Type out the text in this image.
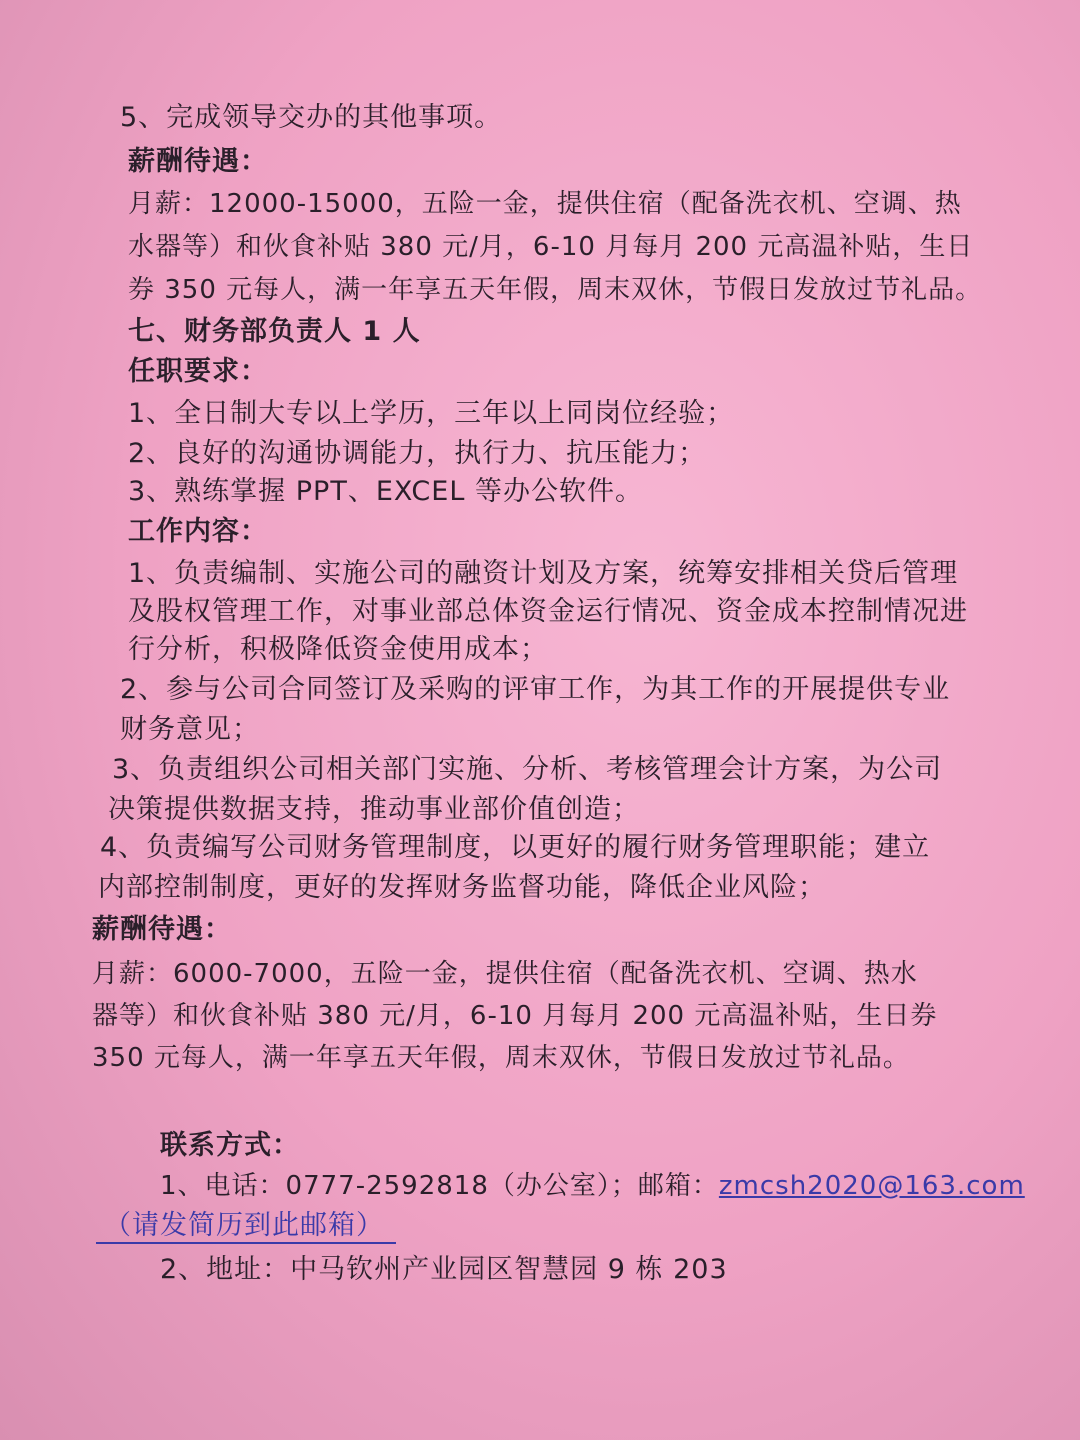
5、完成领导交办的其他事项。
薪酬待遇：
月薪：12000-15000，五险一金，提供住宿（配备洗衣机、空调、热
水器等）和伙食补贴 380 元/月，6-10 月每月 200 元高温补贴，生日
券 350 元每人，满一年享五天年假，周末双休，节假日发放过节礼品。
七、财务部负责人 1 人
任职要求：
1、全日制大专以上学历，三年以上同岗位经验；
2、良好的沟通协调能力，执行力、抗压能力；
3、熟练掌握 PPT、EXCEL 等办公软件。
工作内容：
1、负责编制、实施公司的融资计划及方案，统筹安排相关贷后管理
及股权管理工作，对事业部总体资金运行情况、资金成本控制情况进
行分析，积极降低资金使用成本；
2、参与公司合同签订及采购的评审工作，为其工作的开展提供专业
财务意见；
3、负责组织公司相关部门实施、分析、考核管理会计方案，为公司
决策提供数据支持，推动事业部价值创造；
4、负责编写公司财务管理制度，以更好的履行财务管理职能；建立
内部控制制度，更好的发挥财务监督功能，降低企业风险；
薪酬待遇：
月薪：6000-7000，五险一金，提供住宿（配备洗衣机、空调、热水
器等）和伙食补贴 380 元/月，6-10 月每月 200 元高温补贴，生日券
350 元每人，满一年享五天年假，周末双休，节假日发放过节礼品。
联系方式：
1、电话：0777-2592818（办公室）；邮箱：zmcsh2020@163.com
（请发简历到此邮箱）
2、地址：中马钦州产业园区智慧园 9 栋 203
